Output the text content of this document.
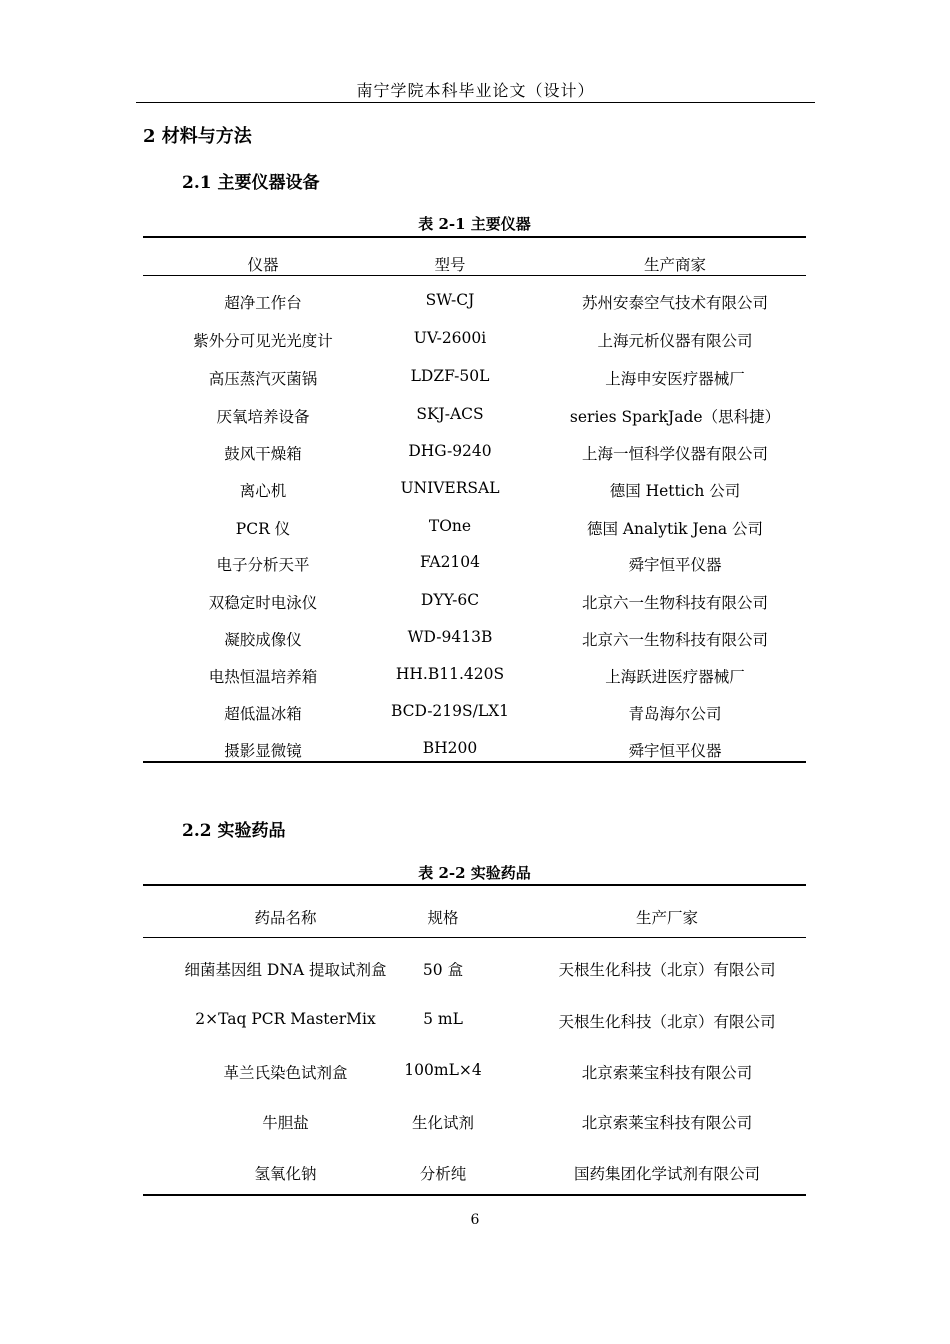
南宁学院本科毕业论文（设计）
2 材料与方法
2.1 主要仪器设备
表 2-1 主要仪器
仪器	型号	生产商家
超净工作台	SW-CJ	苏州安泰空气技术有限公司
紫外分可见光光度计	UV-2600i	上海元析仪器有限公司
高压蒸汽灭菌锅	LDZF-50L	上海申安医疗器械厂
厌氧培养设备	SKJ-ACS	series SparkJade（思科捷）
鼓风干燥箱	DHG-9240	上海一恒科学仪器有限公司
离心机	UNIVERSAL	德国 Hettich 公司
PCR 仪	TOne	德国 Analytik Jena 公司
电子分析天平	FA2104	舜宇恒平仪器
双稳定时电泳仪	DYY-6C	北京六一生物科技有限公司
凝胶成像仪	WD-9413B	北京六一生物科技有限公司
电热恒温培养箱	HH.B11.420S	上海跃进医疗器械厂
超低温冰箱	BCD-219S/LX1	青岛海尔公司
摄影显微镜	BH200	舜宇恒平仪器
2.2 实验药品
表 2-2 实验药品
药品名称	规格	生产厂家
细菌基因组 DNA 提取试剂盒	50 盒	天根生化科技（北京）有限公司
2×Taq PCR MasterMix	5 mL	天根生化科技（北京）有限公司
革兰氏染色试剂盒	100mL×4	北京索莱宝科技有限公司
牛胆盐	生化试剂	北京索莱宝科技有限公司
氢氧化钠	分析纯	国药集团化学试剂有限公司
6
